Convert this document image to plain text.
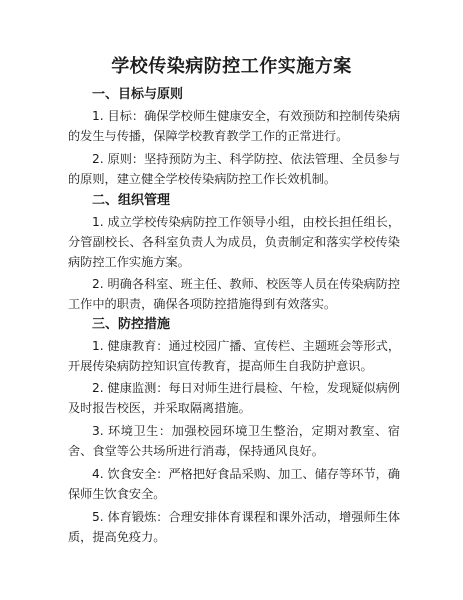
学校传染病防控工作实施方案
一、目标与原则

1. 目标：确保学校师生健康安全，有效预防和控制传染病的发生与传播，保障学校教育教学工作的正常进行。

2. 原则：坚持预防为主、科学防控、依法管理、全员参与的原则，建立健全学校传染病防控工作长效机制。

二、组织管理

1. 成立学校传染病防控工作领导小组，由校长担任组长，分管副校长、各科室负责人为成员，负责制定和落实学校传染病防控工作实施方案。

2. 明确各科室、班主任、教师、校医等人员在传染病防控工作中的职责，确保各项防控措施得到有效落实。

三、防控措施

1. 健康教育：通过校园广播、宣传栏、主题班会等形式，开展传染病防控知识宣传教育，提高师生自我防护意识。

2. 健康监测：每日对师生进行晨检、午检，发现疑似病例及时报告校医，并采取隔离措施。

3. 环境卫生：加强校园环境卫生整治，定期对教室、宿舍、食堂等公共场所进行消毒，保持通风良好。

4. 饮食安全：严格把好食品采购、加工、储存等环节，确保师生饮食安全。

5. 体育锻炼：合理安排体育课程和课外活动，增强师生体质，提高免疫力。
